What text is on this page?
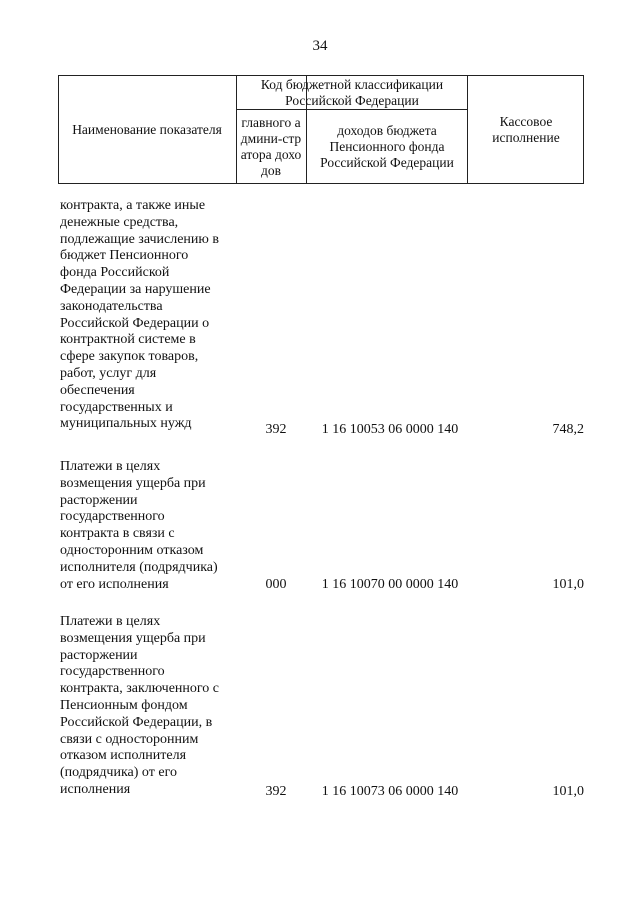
34
Наименование показателя
Код бюджетной классификации Российской Федерации
главного админи-стратора доходов
доходов бюджета Пенсионного фонда Российской Федерации
Кассовое исполнение
контракта, а также иные
денежные средства,
подлежащие зачислению в
бюджет Пенсионного
фонда Российской
Федерации за нарушение
законодательства
Российской Федерации о
контрактной системе в
сфере закупок товаров,
работ, услуг для
обеспечения
государственных и
муниципальных нужд	392	1 16 10053 06 0000 140	748,2
Платежи в целях
возмещения ущерба при
расторжении
государственного
контракта в связи с
односторонним отказом
исполнителя (подрядчика)
от его исполнения	000	1 16 10070 00 0000 140	101,0
Платежи в целях
возмещения ущерба при
расторжении
государственного
контракта, заключенного с
Пенсионным фондом
Российской Федерации, в
связи с односторонним
отказом исполнителя
(подрядчика) от его
исполнения	392	1 16 10073 06 0000 140	101,0
